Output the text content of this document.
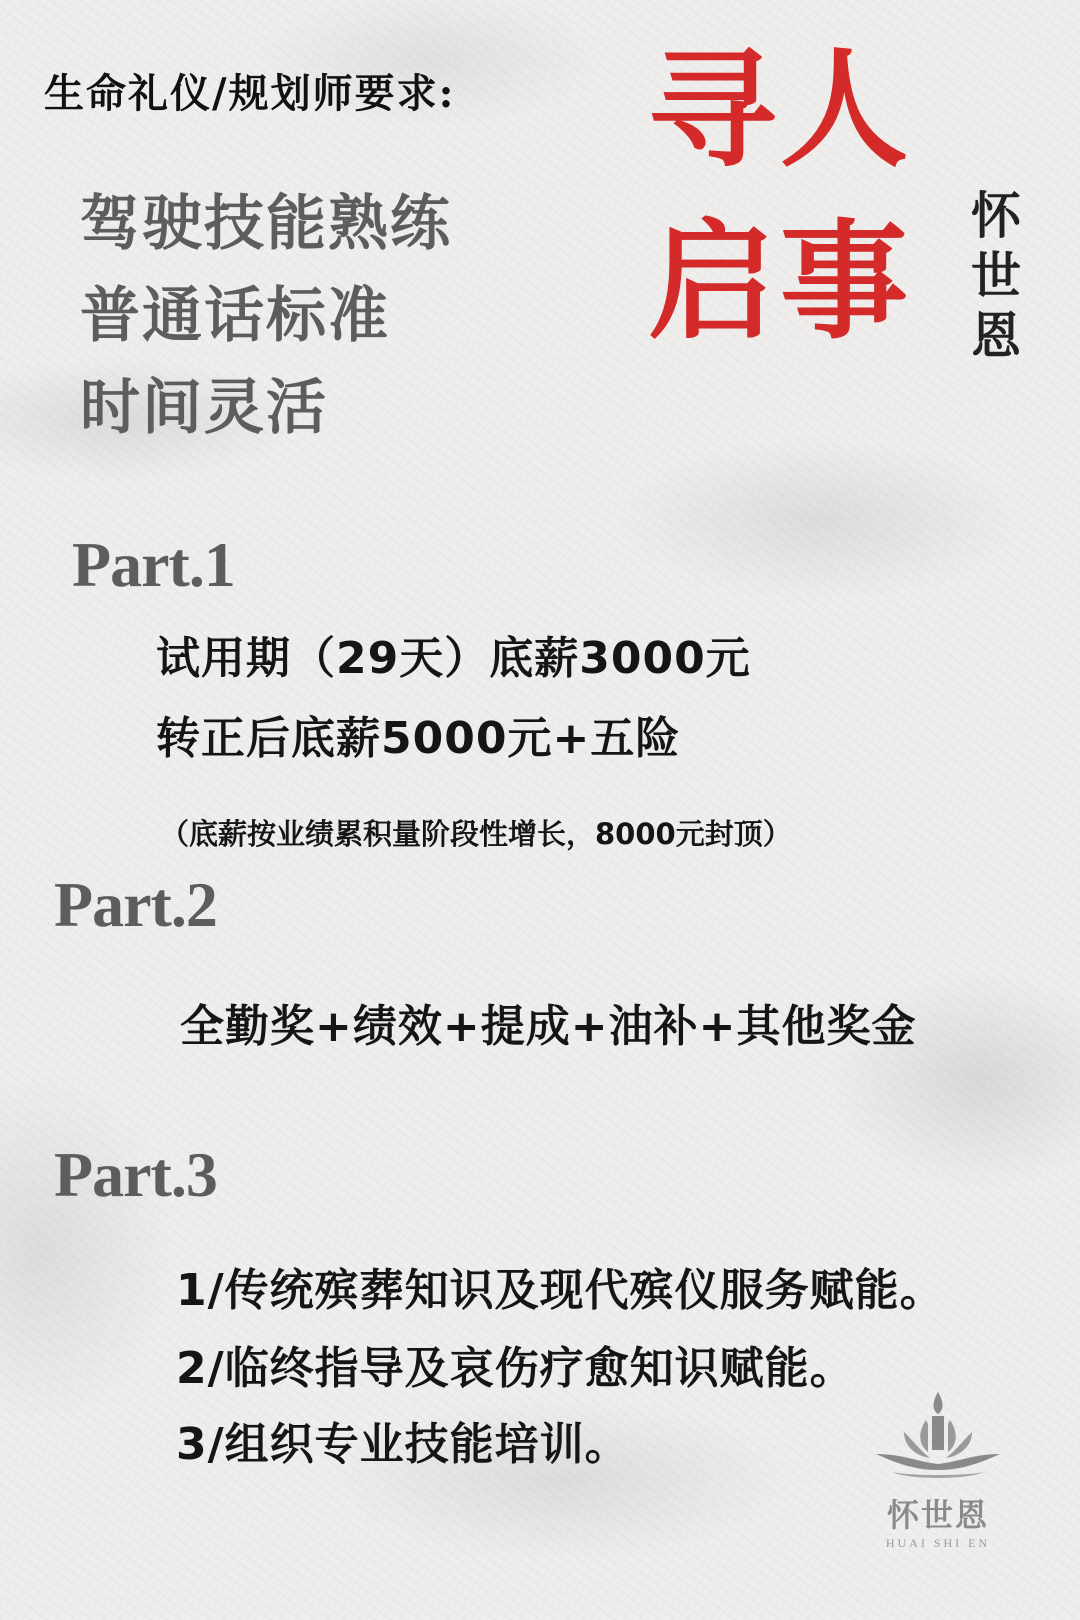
生命礼仪/规划师要求:
驾驶技能熟练
普通话标准
时间灵活
寻人
启事 怀
世
恩
Part.1
试用期（29天）底薪3000元
转正后底薪5000元+五险
（底薪按业绩累积量阶段性增长，8000元封顶）
Part.2
全勤奖+绩效+提成+油补+其他奖金
Part.3
1/传统殡葬知识及现代殡仪服务赋能。
2/临终指导及哀伤疗愈知识赋能。
3/组织专业技能培训。
怀世恩
HUAI SHI EN
